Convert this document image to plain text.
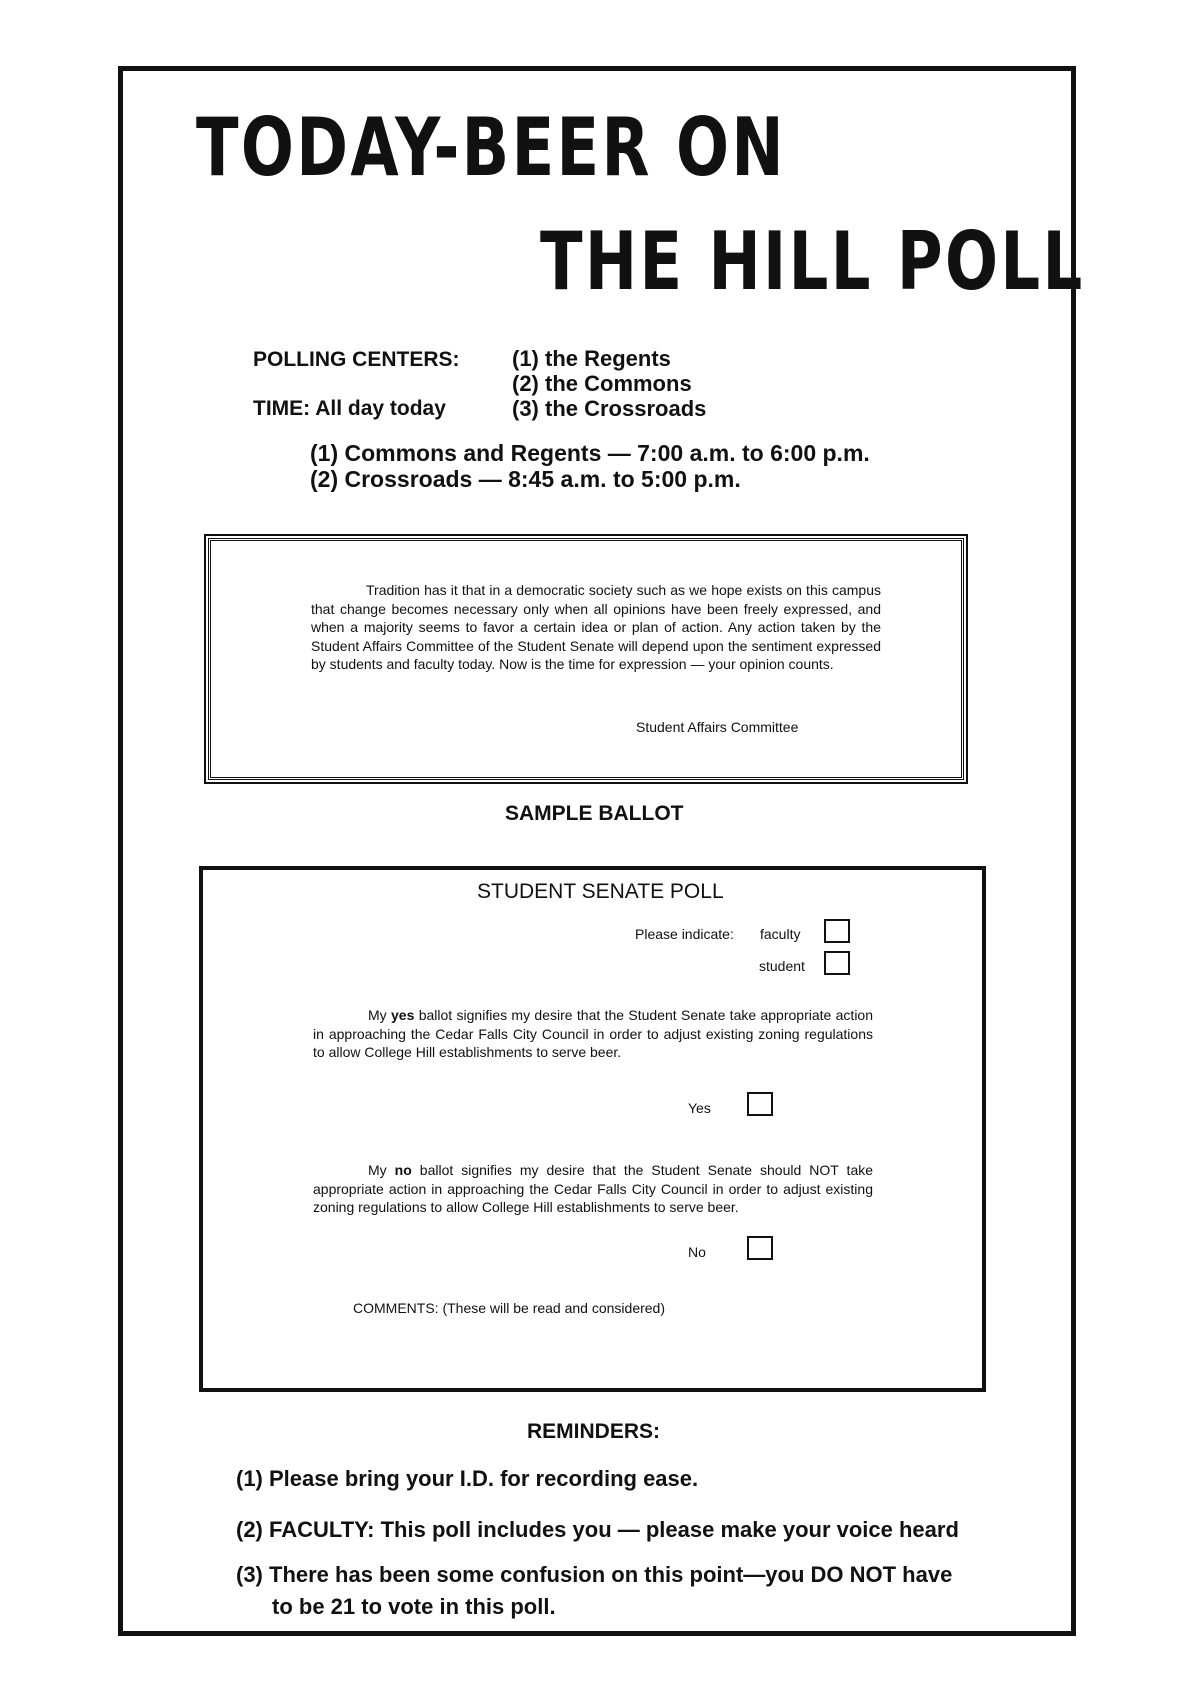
TODAY-BEER ON
THE HILL POLL
POLLING CENTERS:
TIME: All day today
(1) the Regents
(2) the Commons
(3) the Crossroads
(1) Commons and Regents — 7:00 a.m. to 6:00 p.m.
(2) Crossroads — 8:45 a.m. to 5:00 p.m.
Tradition has it that in a democratic society such as we hope exists on this campus that change becomes necessary only when all opinions have been freely expressed, and when a majority seems to favor a certain idea or plan of action. Any action taken by the Student Affairs Committee of the Student Senate will depend upon the sentiment expressed by students and faculty today. Now is the time for expression — your opinion counts.
Student Affairs Committee
SAMPLE BALLOT
STUDENT SENATE POLL
Please indicate: faculty
student
My yes ballot signifies my desire that the Student Senate take appropriate action in approaching the Cedar Falls City Council in order to adjust existing zoning regulations to allow College Hill establishments to serve beer.
Yes
My no ballot signifies my desire that the Student Senate should NOT take appropriate action in approaching the Cedar Falls City Council in order to adjust existing zoning regulations to allow College Hill establishments to serve beer.
No
COMMENTS: (These will be read and considered)
REMINDERS:
(1) Please bring your I.D. for recording ease.
(2) FACULTY: This poll includes you — please make your voice heard
(3) There has been some confusion on this point—you DO NOT have
to be 21 to vote in this poll.
